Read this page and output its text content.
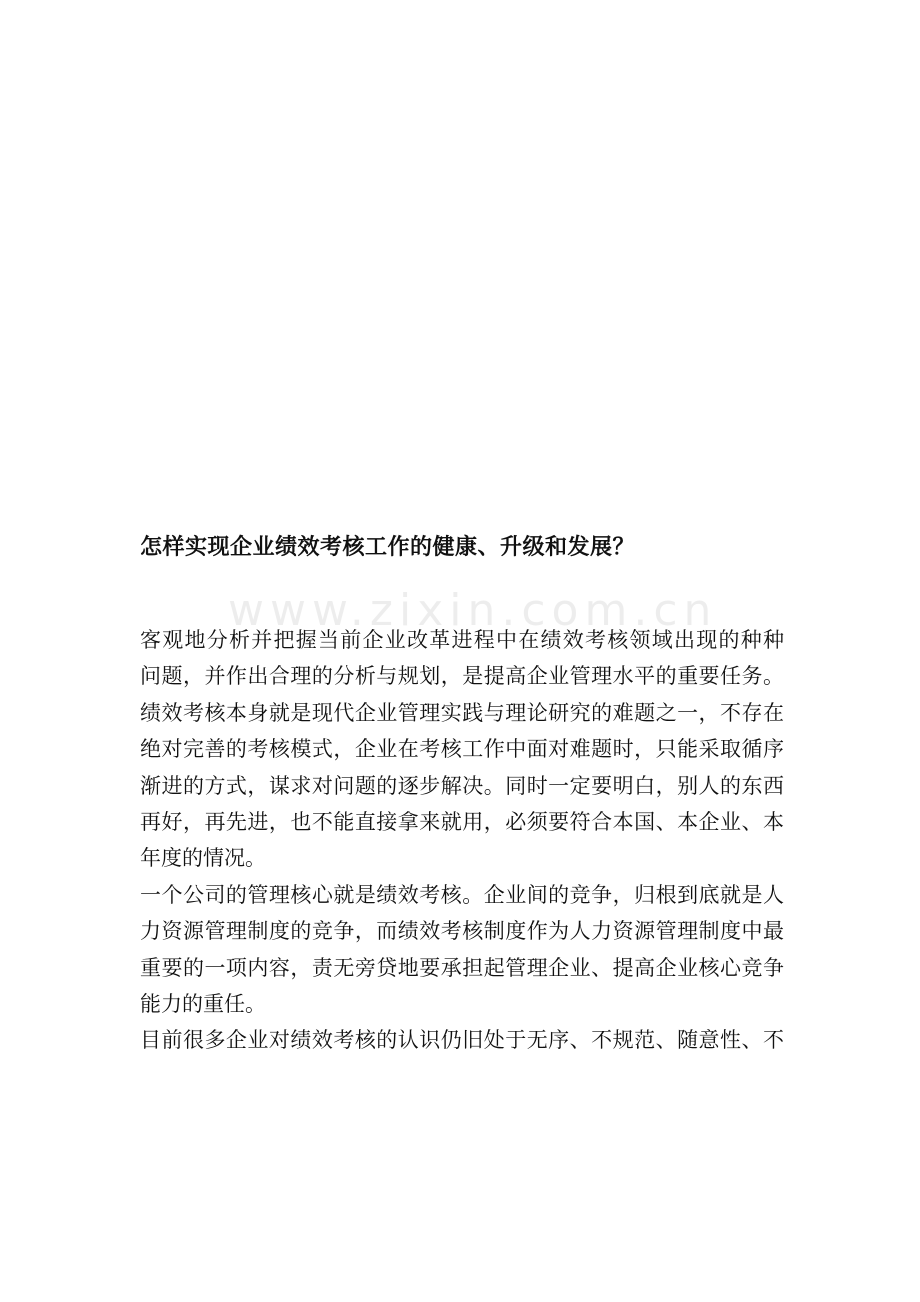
怎样实现企业绩效考核工作的健康、升级和发展？
www.zixin.com.cn
客观地分析并把握当前企业改革进程中在绩效考核领域出现的种种
问题，并作出合理的分析与规划，是提高企业管理水平的重要任务。
绩效考核本身就是现代企业管理实践与理论研究的难题之一，不存在
绝对完善的考核模式，企业在考核工作中面对难题时，只能采取循序
渐进的方式，谋求对问题的逐步解决。同时一定要明白，别人的东西
再好，再先进，也不能直接拿来就用，必须要符合本国、本企业、本
年度的情况。
一个公司的管理核心就是绩效考核。企业间的竞争，归根到底就是人
力资源管理制度的竞争，而绩效考核制度作为人力资源管理制度中最
重要的一项内容，责无旁贷地要承担起管理企业、提高企业核心竞争
能力的重任。
目前很多企业对绩效考核的认识仍旧处于无序、不规范、随意性、不
